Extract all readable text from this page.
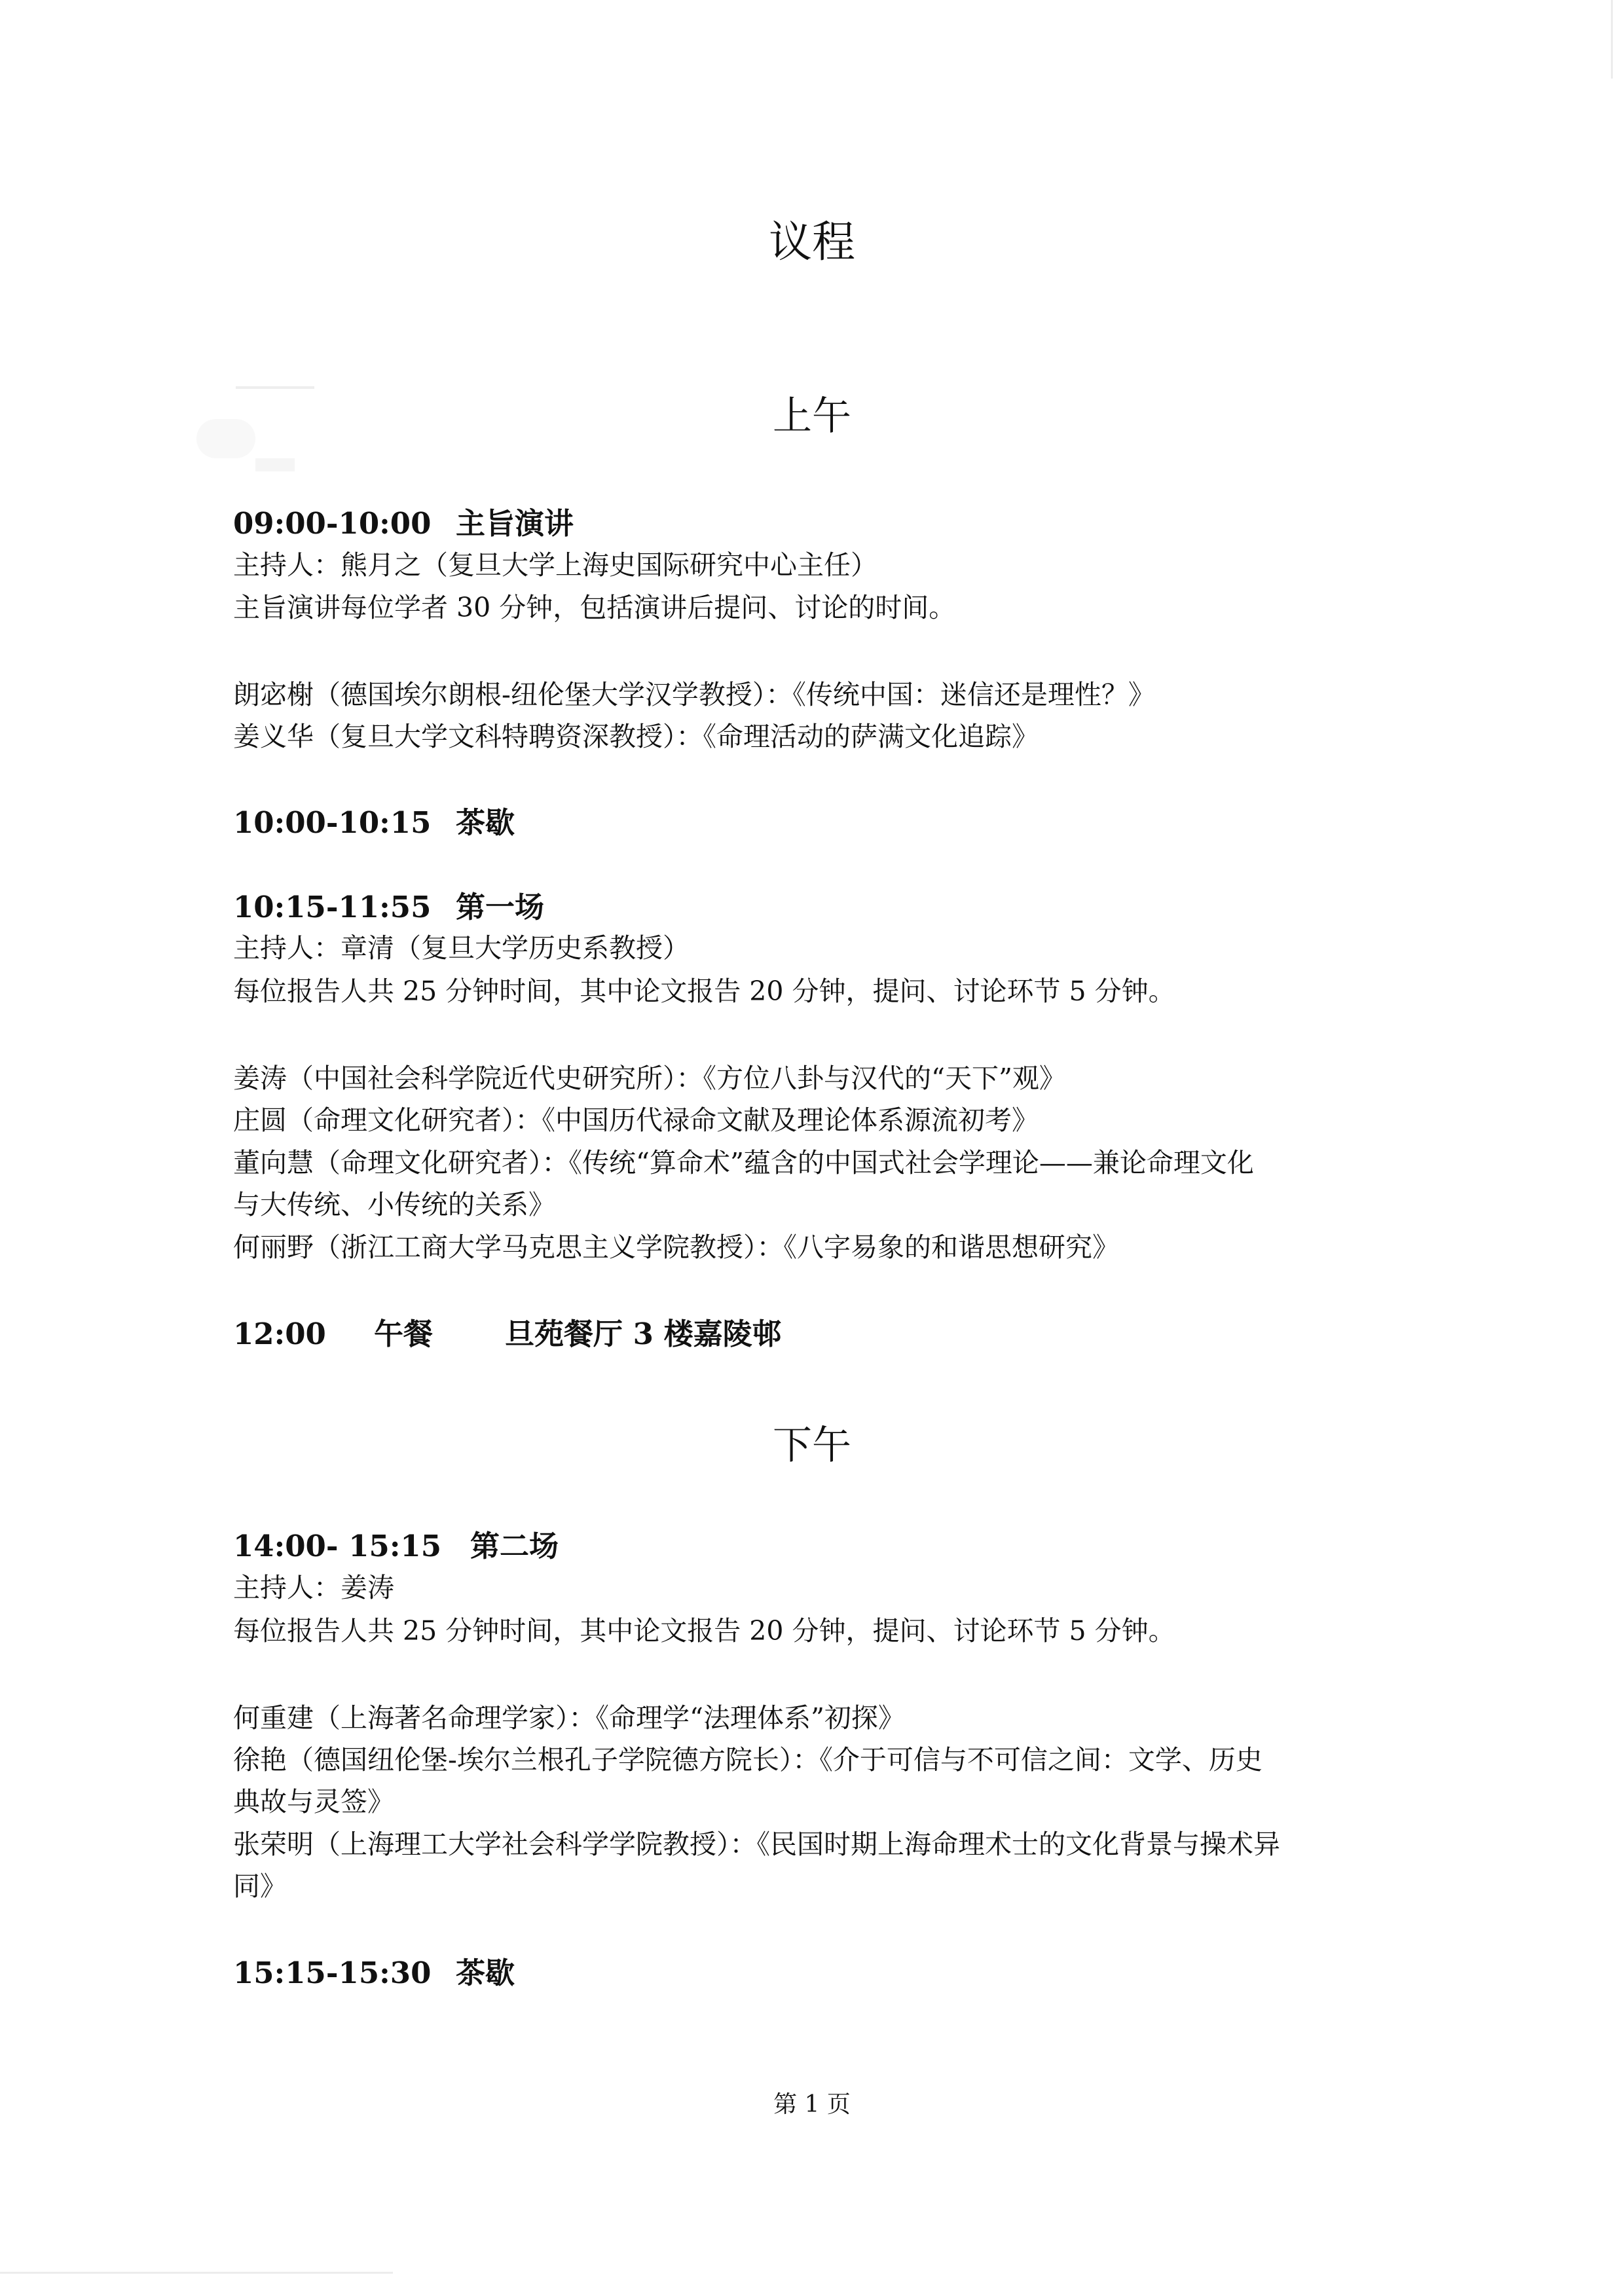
议程
上午
09:00-10:00 主旨演讲
主持人：熊月之（复旦大学上海史国际研究中心主任）
主旨演讲每位学者 30 分钟，包括演讲后提问、讨论的时间。
朗宓榭（德国埃尔朗根-纽伦堡大学汉学教授）：《传统中国：迷信还是理性？》
姜义华（复旦大学文科特聘资深教授）：《命理活动的萨满文化追踪》
10:00-10:15 茶歇
10:15-11:55 第一场
主持人：章清（复旦大学历史系教授）
每位报告人共 25 分钟时间，其中论文报告 20 分钟，提问、讨论环节 5 分钟。
姜涛（中国社会科学院近代史研究所）：《方位八卦与汉代的“天下”观》
庄圆（命理文化研究者）：《中国历代禄命文献及理论体系源流初考》
董向慧（命理文化研究者）：《传统“算命术”蕴含的中国式社会学理论——兼论命理文化
与大传统、小传统的关系》
何丽野（浙江工商大学马克思主义学院教授）：《八字易象的和谐思想研究》
12:00 午餐 旦苑餐厅 3 楼嘉陵邨
下午
14:00- 15:15 第二场
主持人：姜涛
每位报告人共 25 分钟时间，其中论文报告 20 分钟，提问、讨论环节 5 分钟。
何重建（上海著名命理学家）：《命理学“法理体系”初探》
徐艳（德国纽伦堡-埃尔兰根孔子学院德方院长）：《介于可信与不可信之间：文学、历史
典故与灵签》
张荣明（上海理工大学社会科学学院教授）：《民国时期上海命理术士的文化背景与操术异
同》
15:15-15:30 茶歇
第 1 页
